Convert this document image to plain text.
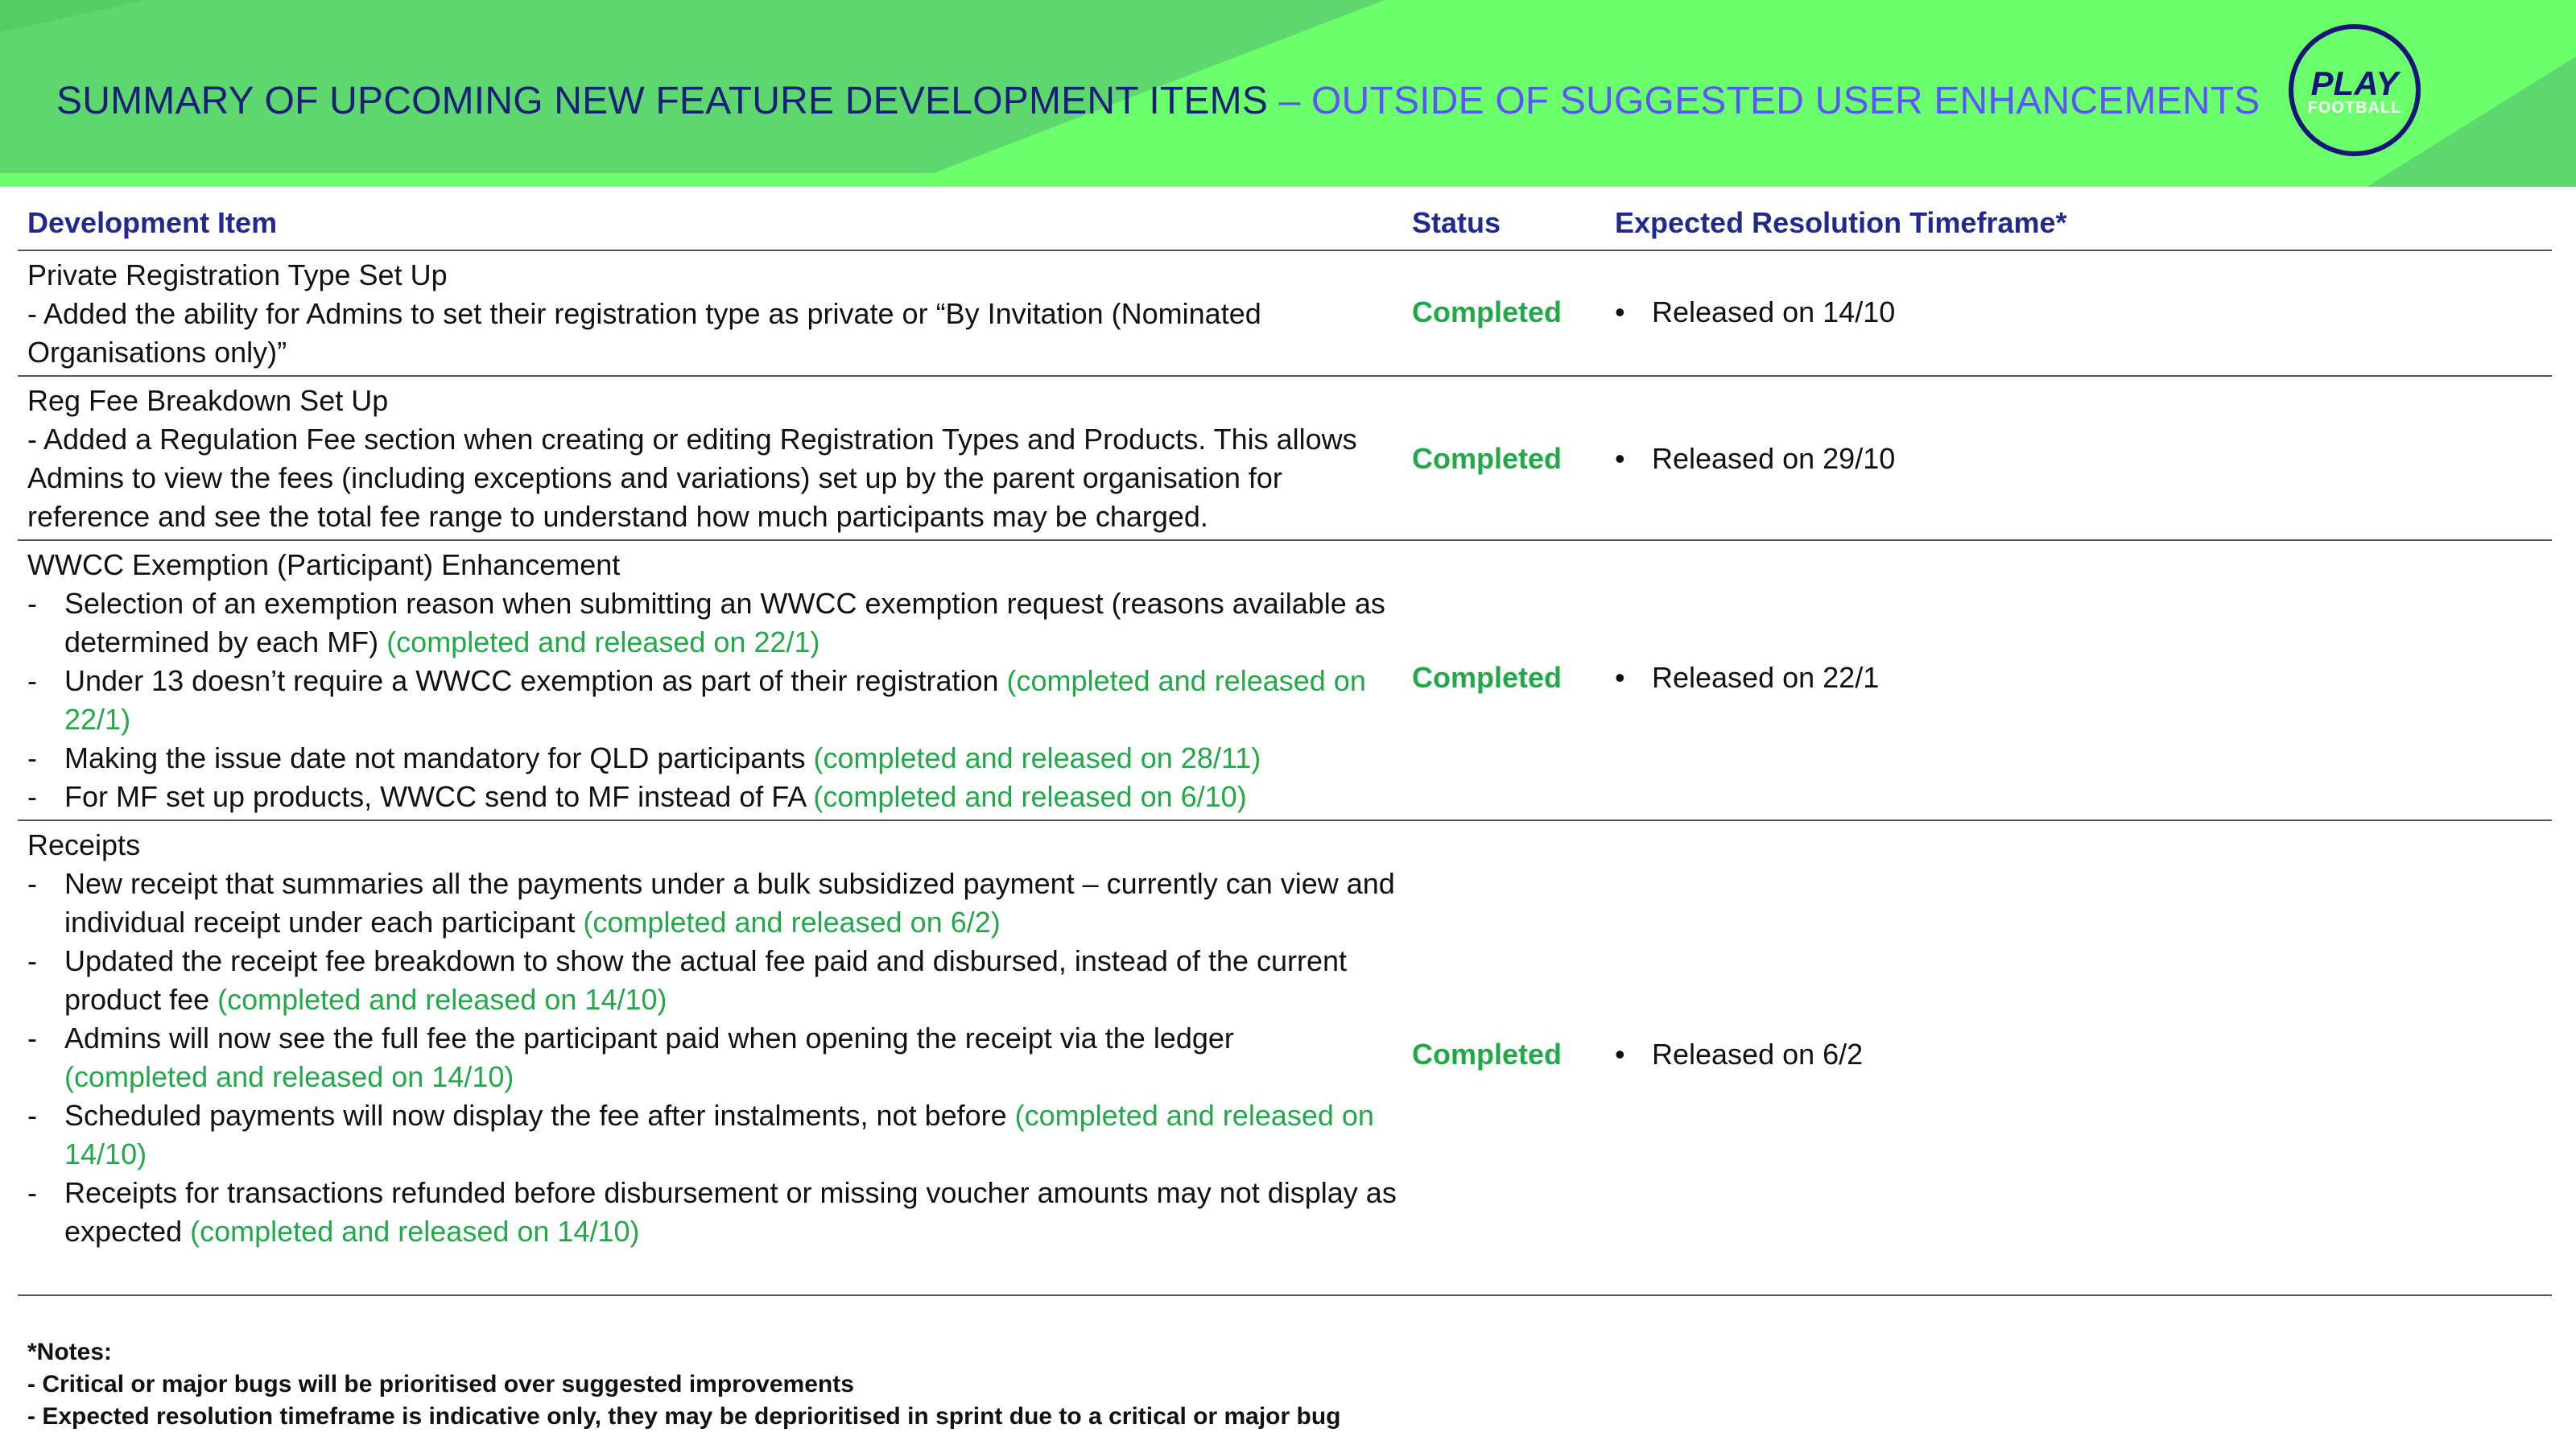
SUMMARY OF UPCOMING NEW FEATURE DEVELOPMENT ITEMS – OUTSIDE OF SUGGESTED USER ENHANCEMENTS	PLAY
FOOTBALL
Development Item	Status	Expected Resolution Timeframe*
Private Registration Type Set Up
- Added the ability for Admins to set their registration type as private or “By Invitation (Nominated
Organisations only)”
Completed • Released on 14/10
Reg Fee Breakdown Set Up
- Added a Regulation Fee section when creating or editing Registration Types and Products. This allows
Admins to view the fees (including exceptions and variations) set up by the parent organisation for
reference and see the total fee range to understand how much participants may be charged.
Completed • Released on 29/10
WWCC Exemption (Participant) Enhancement
- Selection of an exemption reason when submitting an WWCC exemption request (reasons available as determined by each MF) (completed and released on 22/1)
- Under 13 doesn’t require a WWCC exemption as part of their registration (completed and released on 22/1)
- Making the issue date not mandatory for QLD participants (completed and released on 28/11)
- For MF set up products, WWCC send to MF instead of FA (completed and released on 6/10)
Completed • Released on 22/1
Receipts
- New receipt that summaries all the payments under a bulk subsidized payment – currently can view and individual receipt under each participant (completed and released on 6/2)
- Updated the receipt fee breakdown to show the actual fee paid and disbursed, instead of the current product fee (completed and released on 14/10)
- Admins will now see the full fee the participant paid when opening the receipt via the ledger (completed and released on 14/10)
- Scheduled payments will now display the fee after instalments, not before (completed and released on 14/10)
- Receipts for transactions refunded before disbursement or missing voucher amounts may not display as expected (completed and released on 14/10)
Completed • Released on 6/2
*Notes:
- Critical or major bugs will be prioritised over suggested improvements
- Expected resolution timeframe is indicative only, they may be deprioritised in sprint due to a critical or major bug
